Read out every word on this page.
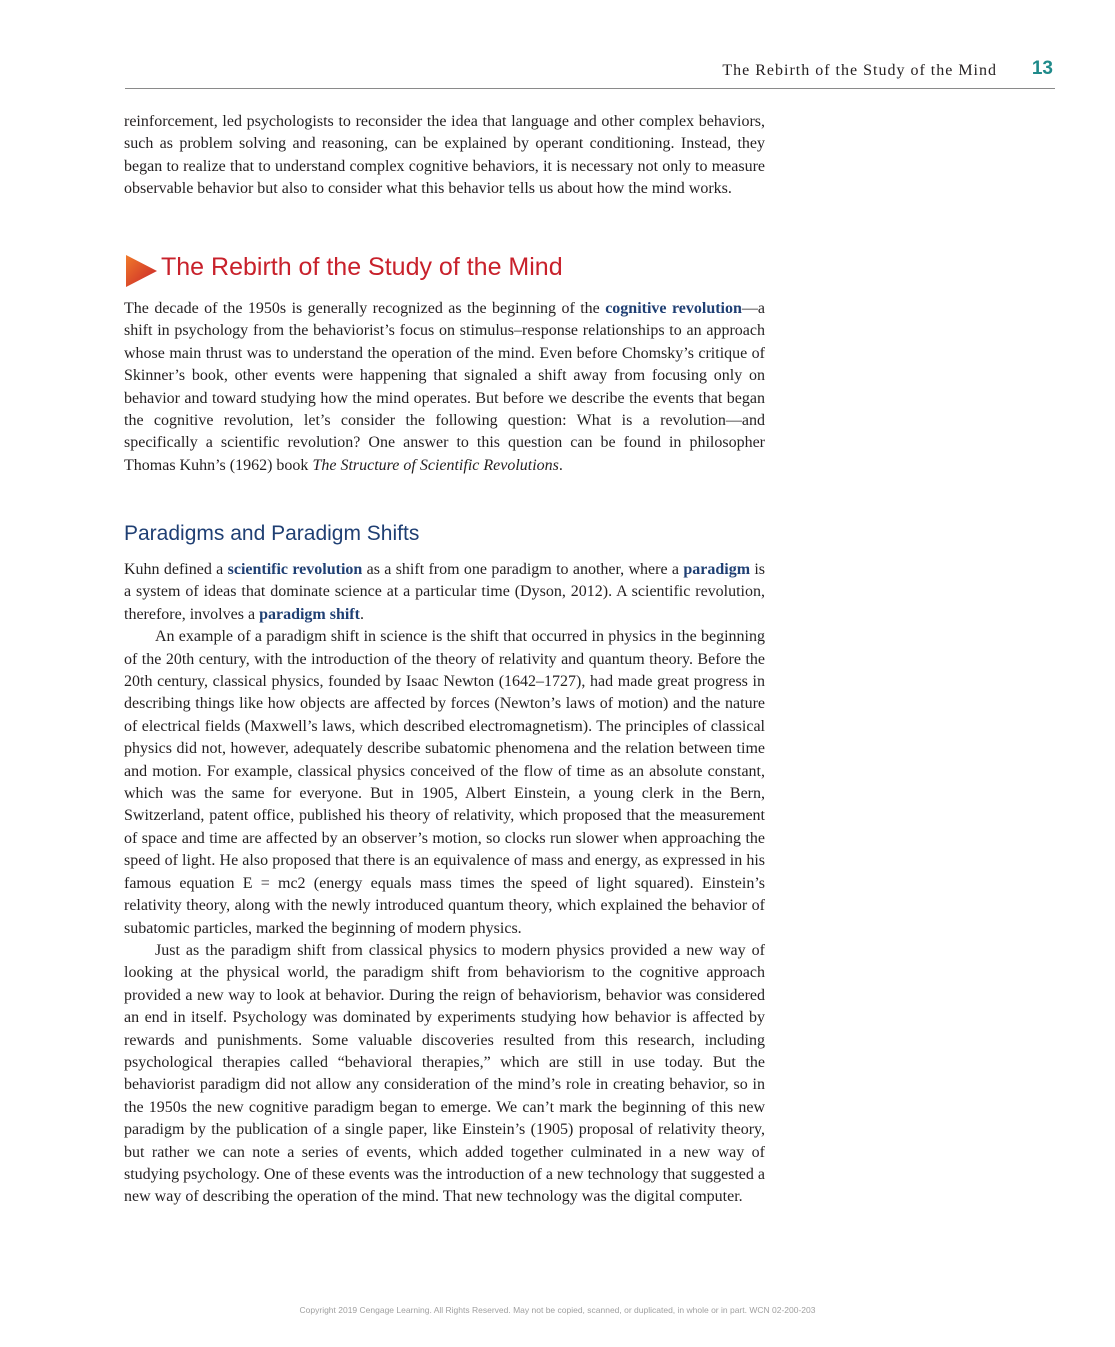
The Rebirth of the Study of the Mind 13

reinforcement, led psychologists to reconsider the idea that language and other complex behaviors, such as problem solving and reasoning, can be explained by operant conditioning. Instead, they began to realize that to understand complex cognitive behaviors, it is necessary not only to measure observable behavior but also to consider what this behavior tells us about how the mind works.

The Rebirth of the Study of the Mind

The decade of the 1950s is generally recognized as the beginning of the cognitive revolution—a shift in psychology from the behaviorist’s focus on stimulus–response relationships to an approach whose main thrust was to understand the operation of the mind. Even before Chomsky’s critique of Skinner’s book, other events were happening that signaled a shift away from focusing only on behavior and toward studying how the mind operates. But before we describe the events that began the cognitive revolution, let’s consider the following question: What is a revolution—and specifically a scientific revolution? One answer to this question can be found in philosopher Thomas Kuhn’s (1962) book The Structure of Scientific Revolutions.

Paradigms and Paradigm Shifts

Kuhn defined a scientific revolution as a shift from one paradigm to another, where a paradigm is a system of ideas that dominate science at a particular time (Dyson, 2012). A scientific revolution, therefore, involves a paradigm shift.

An example of a paradigm shift in science is the shift that occurred in physics in the beginning of the 20th century, with the introduction of the theory of relativity and quantum theory. Before the 20th century, classical physics, founded by Isaac Newton (1642–1727), had made great progress in describing things like how objects are affected by forces (Newton’s laws of motion) and the nature of electrical fields (Maxwell’s laws, which described electromagnetism). The principles of classical physics did not, however, adequately describe subatomic phenomena and the relation between time and motion. For example, classical physics conceived of the flow of time as an absolute constant, which was the same for everyone. But in 1905, Albert Einstein, a young clerk in the Bern, Switzerland, patent office, published his theory of relativity, which proposed that the measurement of space and time are affected by an observer’s motion, so clocks run slower when approaching the speed of light. He also proposed that there is an equivalence of mass and energy, as expressed in his famous equation E = mc2 (energy equals mass times the speed of light squared). Einstein’s relativity theory, along with the newly introduced quantum theory, which explained the behavior of subatomic particles, marked the beginning of modern physics.

Just as the paradigm shift from classical physics to modern physics provided a new way of looking at the physical world, the paradigm shift from behaviorism to the cognitive approach provided a new way to look at behavior. During the reign of behaviorism, behavior was considered an end in itself. Psychology was dominated by experiments studying how behavior is affected by rewards and punishments. Some valuable discoveries resulted from this research, including psychological therapies called “behavioral therapies,” which are still in use today. But the behaviorist paradigm did not allow any consideration of the mind’s role in creating behavior, so in the 1950s the new cognitive paradigm began to emerge. We can’t mark the beginning of this new paradigm by the publication of a single paper, like Einstein’s (1905) proposal of relativity theory, but rather we can note a series of events, which added together culminated in a new way of studying psychology. One of these events was the introduction of a new technology that suggested a new way of describing the operation of the mind. That new technology was the digital computer.

Copyright 2019 Cengage Learning. All Rights Reserved. May not be copied, scanned, or duplicated, in whole or in part. WCN 02-200-203
